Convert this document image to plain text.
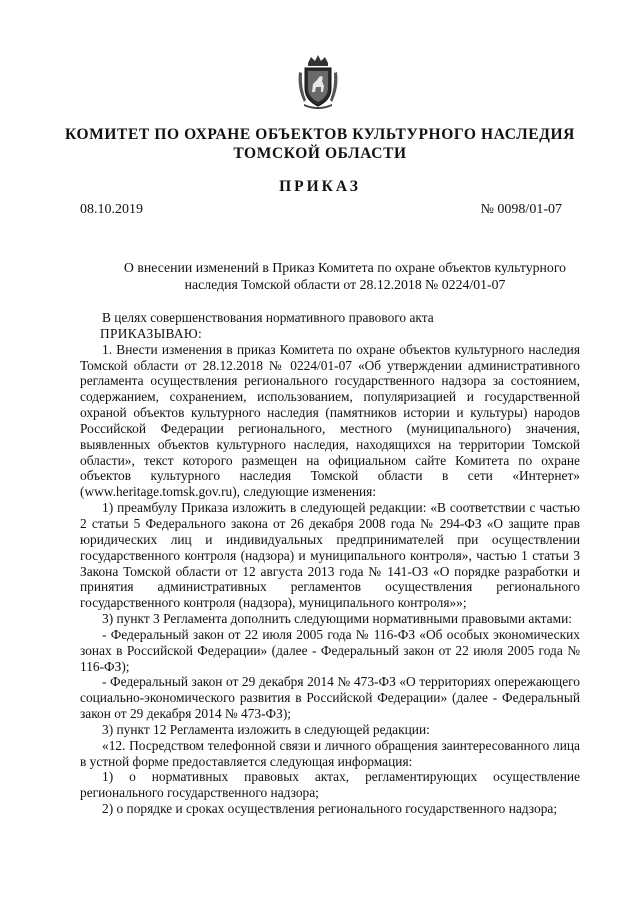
КОМИТЕТ ПО ОХРАНЕ ОБЪЕКТОВ КУЛЬТУРНОГО НАСЛЕДИЯ
ТОМСКОЙ ОБЛАСТИ
ПРИКАЗ
08.10.2019	№ 0098/01-07
О внесении изменений в Приказ Комитета по охране объектов культурного
наследия Томской области от 28.12.2018 № 0224/01-07

В целях совершенствования нормативного правового акта

ПРИКАЗЫВАЮ:

1. Внести изменения в приказ Комитета по охране объектов культурного наследия Томской области от 28.12.2018 № 0224/01-07 «Об утверждении административного регламента осуществления регионального государственного надзора за состоянием, содержанием, сохранением, использованием, популяризацией и государственной охраной объектов культурного наследия (памятников истории и культуры) народов Российской Федерации регионального, местного (муниципального) значения, выявленных объектов культурного наследия, находящихся на территории Томской области», текст которого размещен на официальном сайте Комитета по охране объектов культурного наследия Томской области в сети «Интернет» (www.heritage.tomsk.gov.ru), следующие изменения:

1) преамбулу Приказа изложить в следующей редакции: «В соответствии с частью 2 статьи 5 Федерального закона от 26 декабря 2008 года № 294-ФЗ «О защите прав юридических лиц и индивидуальных предпринимателей при осуществлении государственного контроля (надзора) и муниципального контроля», частью 1 статьи 3 Закона Томской области от 12 августа 2013 года № 141-ОЗ «О порядке разработки и принятия административных регламентов осуществления регионального государственного контроля (надзора), муниципального контроля»»;

3) пункт 3 Регламента дополнить следующими нормативными правовыми актами:

- Федеральный закон от 22 июля 2005 года № 116-ФЗ «Об особых экономических зонах в Российской Федерации» (далее - Федеральный закон от 22 июля 2005 года № 116-ФЗ);

- Федеральный закон от 29 декабря 2014 № 473-ФЗ «О территориях опережающего социально-экономического развития в Российской Федерации» (далее - Федеральный закон от 29 декабря 2014 № 473-ФЗ);

3) пункт 12 Регламента изложить в следующей редакции:

«12. Посредством телефонной связи и личного обращения заинтересованного лица в устной форме предоставляется следующая информация:

1) о нормативных правовых актах, регламентирующих осуществление регионального государственного надзора;

2) о порядке и сроках осуществления регионального государственного надзора;
